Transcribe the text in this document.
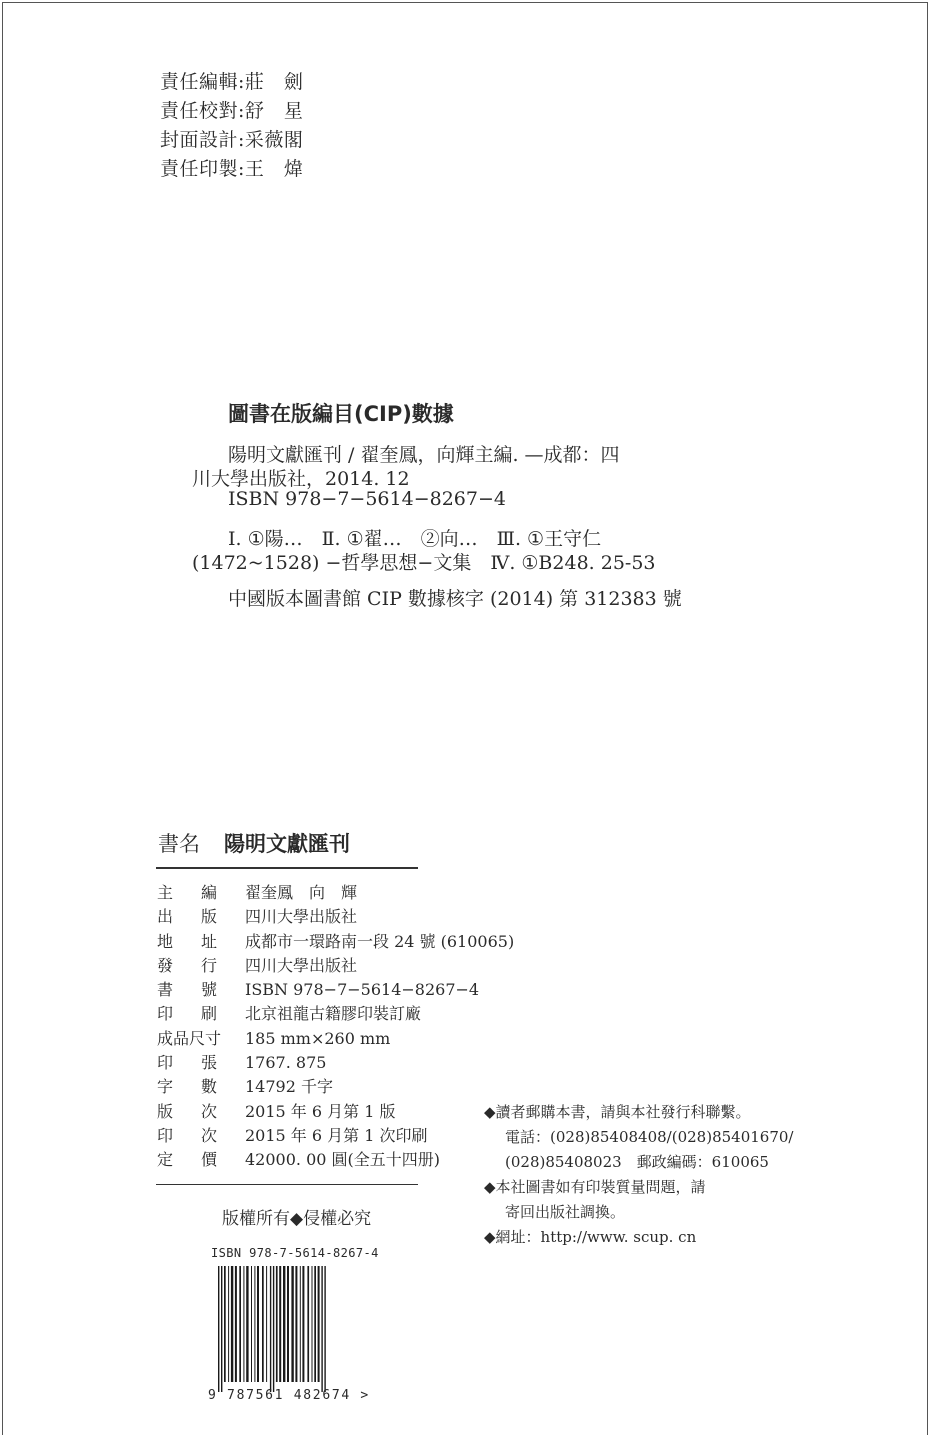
責任編輯:莊　劍
責任校對:舒　星
封面設計:采薇閣
責任印製:王　煒
圖書在版編目(CIP)數據
陽明文獻匯刊 / 翟奎鳳，向輝主編. —成都：四
川大學出版社，2014. 12
ISBN 978−7−5614−8267−4
Ⅰ. ①陽…　Ⅱ. ①翟…　②向…　Ⅲ. ①王守仁
(1472~1528) −哲學思想−文集　Ⅳ. ①B248. 25-53
中國版本圖書館 CIP 數據核字 (2014) 第 312383 號
書名 陽明文獻匯刊
主 編 翟奎鳳　向　輝
出 版 四川大學出版社
地 址 成都市一環路南一段 24 號 (610065)
發 行 四川大學出版社
書 號 ISBN 978−7−5614−8267−4
印 刷 北京祖龍古籍膠印裝訂廠
成品尺寸 185 mm×260 mm
印 張 1767. 875
字 數 14792 千字
版 次 2015 年 6 月第 1 版
印 次 2015 年 6 月第 1 次印刷
定 價 42000. 00 圓(全五十四册)
版權所有◆侵權必究
◆讀者郵購本書，請與本社發行科聯繫。
電話：(028)85408408/(028)85401670/
(028)85408023　郵政編碼：610065
◆本社圖書如有印裝質量問題，請
寄回出版社調換。
◆網址：http://www. scup. cn
ISBN 978-7-5614-8267-4
9 787561 482674 >
